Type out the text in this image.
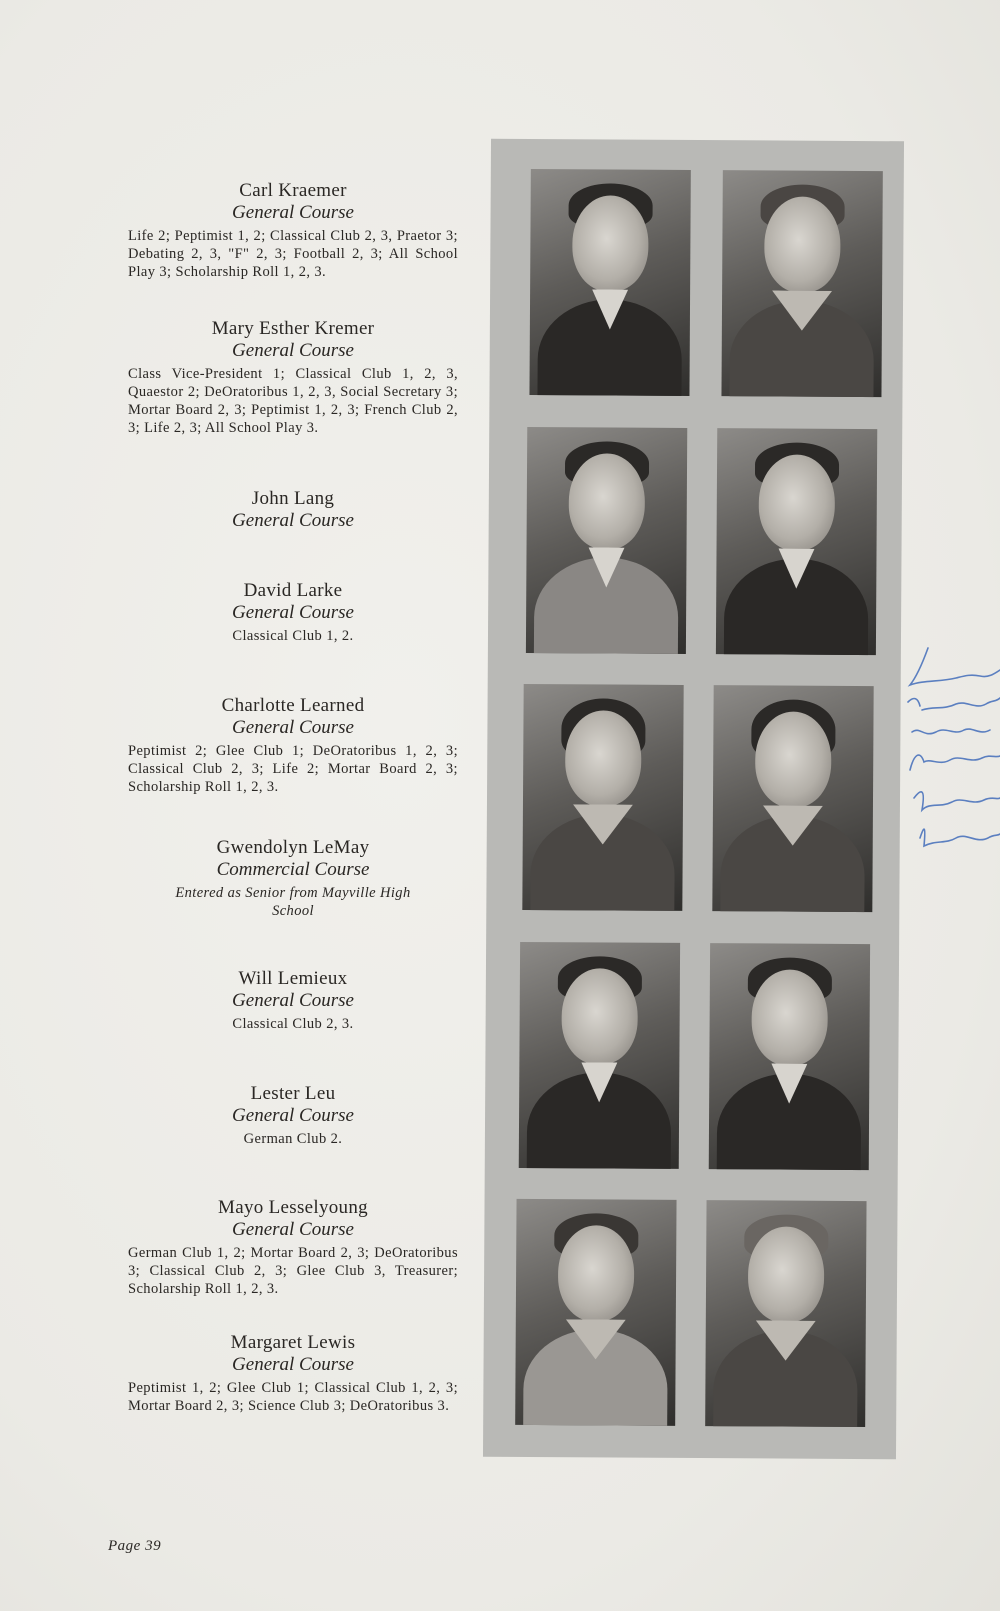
Carl Kraemer
General Course
Life 2; Peptimist 1, 2; Classical Club 2, 3, Praetor 3; Debating 2, 3, "F" 2, 3; Football 2, 3; All School Play 3; Scholarship Roll 1, 2, 3.
Mary Esther Kremer
General Course
Class Vice-President 1; Classical Club 1, 2, 3, Quaestor 2; DeOratoribus 1, 2, 3, Social Secretary 3; Mortar Board 2, 3; Peptimist 1, 2, 3; French Club 2, 3; Life 2, 3; All School Play 3.
John Lang
General Course
David Larke
General Course
Classical Club 1, 2.
Charlotte Learned
General Course
Peptimist 2; Glee Club 1; DeOratoribus 1, 2, 3; Classical Club 2, 3; Life 2; Mortar Board 2, 3; Scholarship Roll 1, 2, 3.
Gwendolyn LeMay
Commercial Course
Entered as Senior from Mayville High School
Will Lemieux
General Course
Classical Club 2, 3.
Lester Leu
General Course
German Club 2.
Mayo Lesselyoung
General Course
German Club 1, 2; Mortar Board 2, 3; DeOratoribus 3; Classical Club 2, 3; Glee Club 3, Treasurer; Scholarship Roll 1, 2, 3.
Margaret Lewis
General Course
Peptimist 1, 2; Glee Club 1; Classical Club 1, 2, 3; Mortar Board 2, 3; Science Club 3; DeOratoribus 3.
Page 39
